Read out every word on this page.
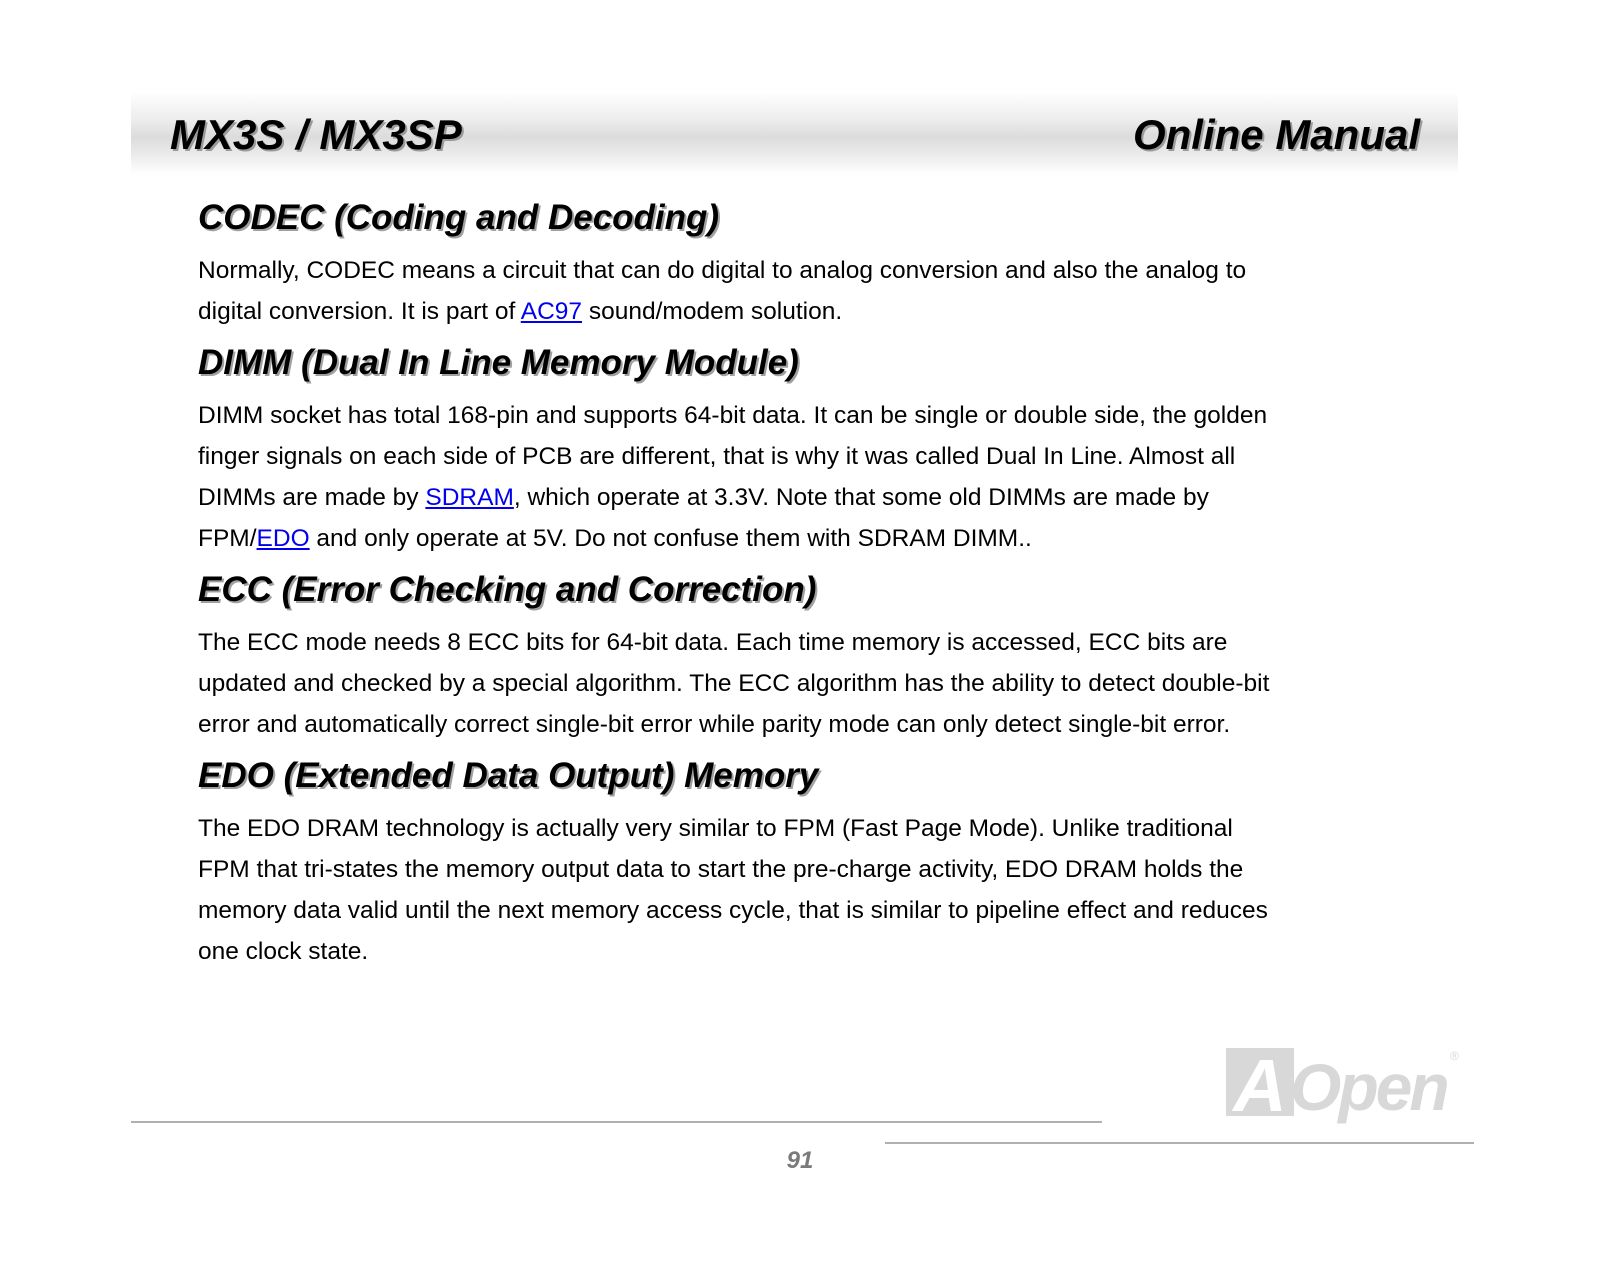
MX3S / MX3SP	Online Manual
CODEC (Coding and Decoding)
Normally, CODEC means a circuit that can do digital to analog conversion and also the analog to
digital conversion. It is part of AC97 sound/modem solution.
DIMM (Dual In Line Memory Module)
DIMM socket has total 168-pin and supports 64-bit data. It can be single or double side, the golden
finger signals on each side of PCB are different, that is why it was called Dual In Line. Almost all
DIMMs are made by SDRAM, which operate at 3.3V. Note that some old DIMMs are made by
FPM/EDO and only operate at 5V. Do not confuse them with SDRAM DIMM..
ECC (Error Checking and Correction)
The ECC mode needs 8 ECC bits for 64-bit data. Each time memory is accessed, ECC bits are
updated and checked by a special algorithm. The ECC algorithm has the ability to detect double-bit
error and automatically correct single-bit error while parity mode can only detect single-bit error.
EDO (Extended Data Output) Memory
The EDO DRAM technology is actually very similar to FPM (Fast Page Mode). Unlike traditional
FPM that tri-states the memory output data to start the pre-charge activity, EDO DRAM holds the
memory data valid until the next memory access cycle, that is similar to pipeline effect and reduces
one clock state.
A Open ®
91
